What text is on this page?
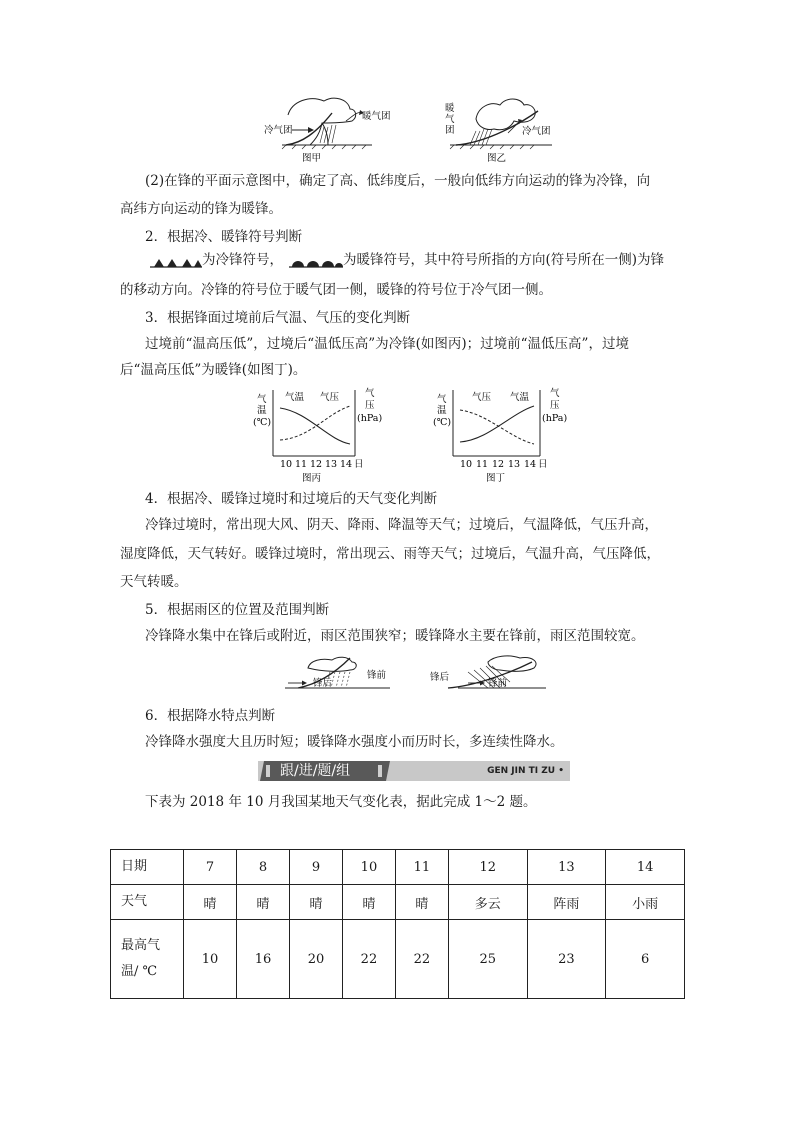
冷气团
暖气团
图甲
暖
气
团	冷气团
图乙
(2)在锋的平面示意图中，确定了高、低纬度后，一般向低纬方向运动的锋为冷锋，向
高纬方向运动的锋为暖锋。
2．根据冷、暖锋符号判断
为冷锋符号，	为暖锋符号，其中符号所指的方向(符号所在一侧)为锋
的移动方向。冷锋的符号位于暖气团一侧，暖锋的符号位于冷气团一侧。
3．根据锋面过境前后气温、气压的变化判断
过境前“温高压低”，过境后“温低压高”为冷锋(如图丙)；过境前“温低压高”，过境
后“温高压低”为暖锋(如图丁)。
气温 气压
气
温
(℃)
气
压
(hPa)
10 11 12 13 14 日
图丙
气压 气温
气
温
(℃)
气
压
(hPa)
10 11 12 13 14 日
图丁
4．根据冷、暖锋过境时和过境后的天气变化判断
冷锋过境时，常出现大风、阴天、降雨、降温等天气；过境后，气温降低，气压升高，
湿度降低，天气转好。暖锋过境时，常出现云、雨等天气；过境后，气温升高，气压降低，
天气转暖。
5．根据雨区的位置及范围判断
冷锋降水集中在锋后或附近，雨区范围狭窄；暖锋降水主要在锋前，雨区范围较宽。
锋后
锋前	锋后
锋前
6．根据降水特点判断
冷锋降水强度大且历时短；暖锋降水强度小而历时长，多连续性降水。
跟/进/题/组	GEN JIN TI ZU •
下表为 2018 年 10 月我国某地天气变化表，据此完成 1～2 题。
日期	7	8	9	10	11	12	13	14
天气	晴	晴	晴	晴	晴	多云	阵雨	小雨
最高气
温/ ℃	10	16	20	22	22	25	23	6
